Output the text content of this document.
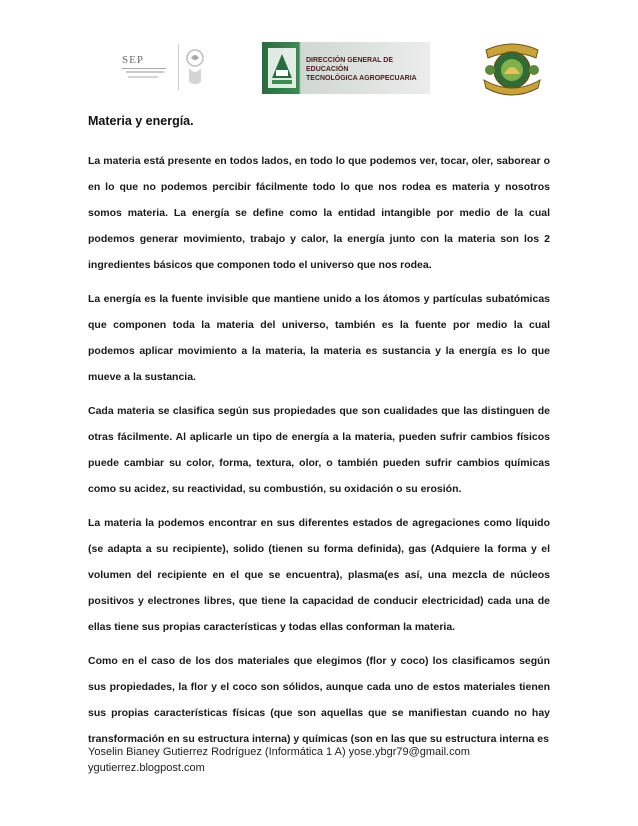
SEP	DIRECCIÓN GENERAL DE EDUCACIÓN
TECNOLÓGICA AGROPECUARIA
Materia y energía.

La materia está presente en todos lados, en todo lo que podemos ver, tocar, oler, saborear o en lo que no podemos percibir fácilmente todo lo que nos rodea es materia y nosotros somos materia. La energía se define como la entidad intangible por medio de la cual podemos generar movimiento, trabajo y calor, la energía junto con la materia son los 2 ingredientes básicos que componen todo el universo que nos rodea.

La energía es la fuente invisible que mantiene unido a los átomos y partículas subatómicas que componen toda la materia del universo, también es la fuente por medio la cual podemos aplicar movimiento a la materia, la materia es sustancia y la energía es lo que mueve a la sustancia.

Cada materia se clasifica según sus propiedades que son cualidades que las distinguen de otras fácilmente. Al aplicarle un tipo de energía a la materia, pueden sufrir cambios físicos puede cambiar su color, forma, textura, olor, o también pueden sufrir cambios químicas como su acidez, su reactividad, su combustión, su oxidación o su erosión.

La materia la podemos encontrar en sus diferentes estados de agregaciones como líquido (se adapta a su recipiente), solido (tienen su forma definida), gas (Adquiere la forma y el volumen del recipiente en el que se encuentra), plasma(es así, una mezcla de núcleos positivos y electrones libres, que tiene la capacidad de conducir electricidad) cada una de ellas tiene sus propias características y todas ellas conforman la materia.

Como en el caso de los dos materiales que elegimos (flor y coco) los clasificamos según sus propiedades, la flor y el coco son sólidos, aunque cada uno de estos materiales tienen sus propias características físicas (que son aquellas que se manifiestan cuando no hay transformación en su estructura interna) y químicas (son en las que su estructura interna es

Yoselin Bianey Gutierrez Rodríguez (Informática 1 A) yose.ybgr79@gmail.com
ygutierrez.blogpost.com
